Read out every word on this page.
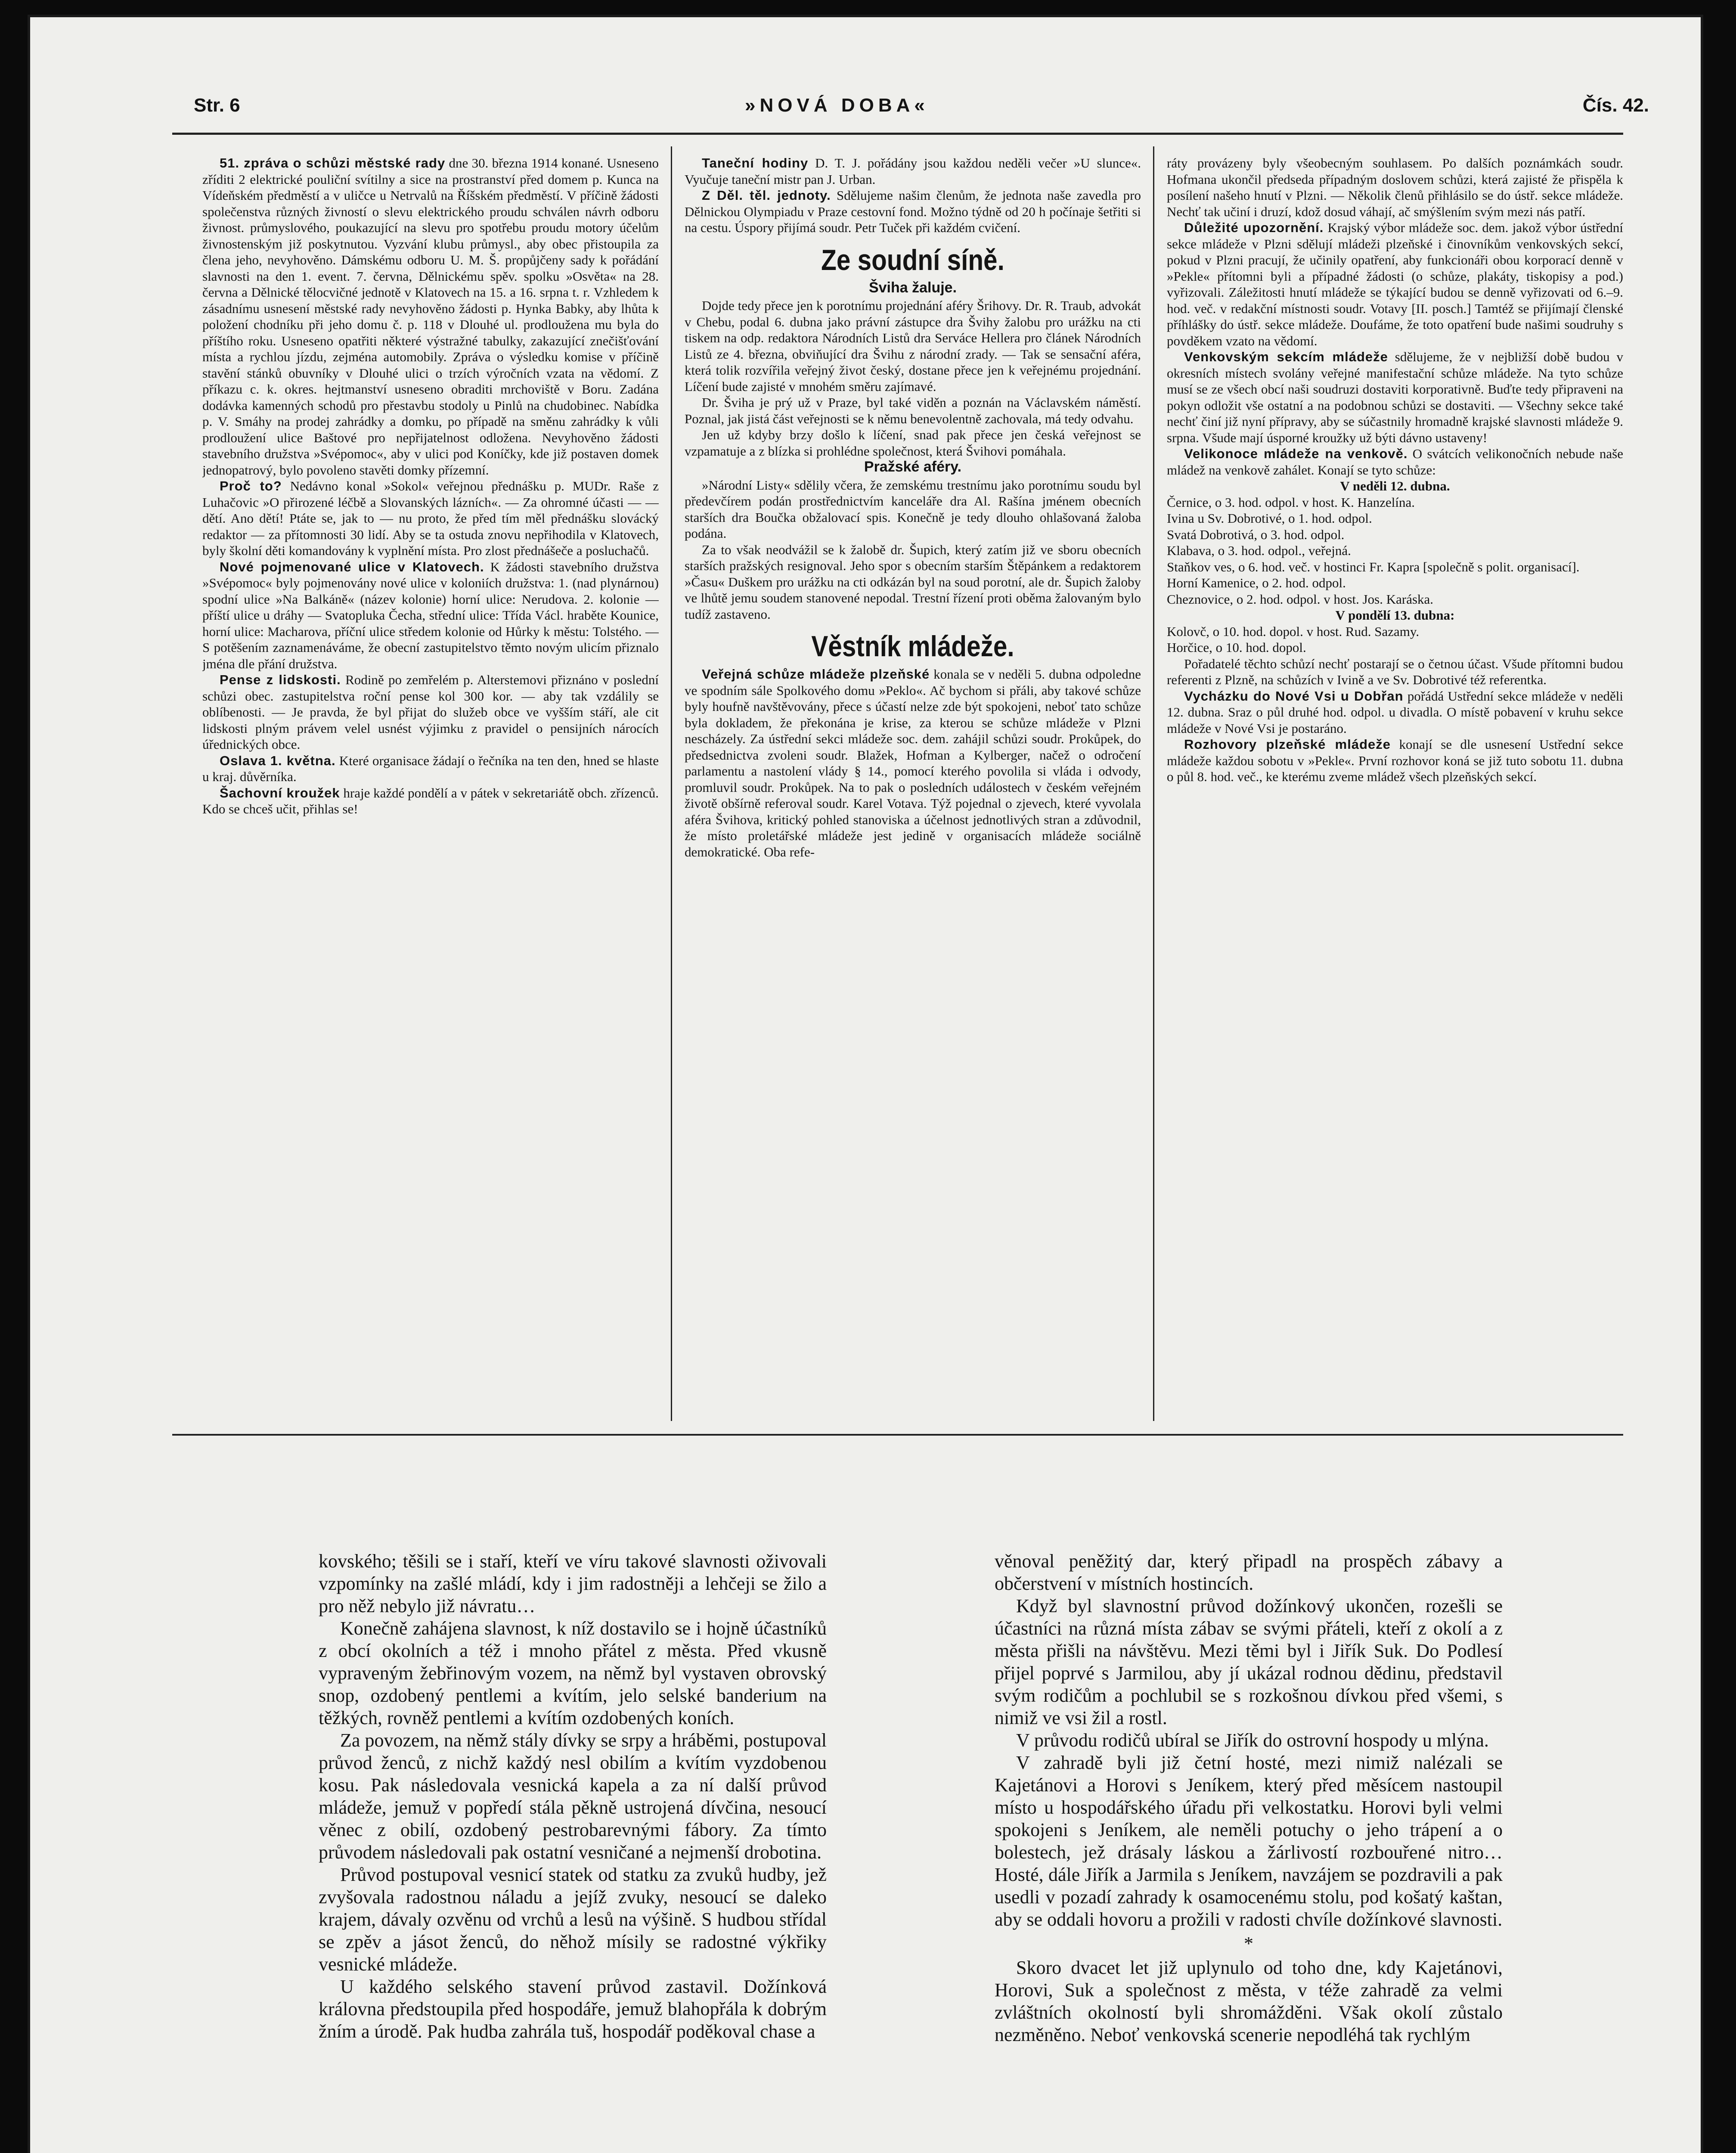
Str. 6	»NOVÁ DOBA«	Čís. 42.

51. zpráva o schůzi městské rady dne 30. března 1914 konané. Usneseno zříditi 2 elektrické pouliční svítilny a sice na prostranství před domem p. Kunca na Vídeňském předměstí a v uličce u Netrvalů na Říšském předměstí. V příčině žádosti společenstva různých živností o slevu elektrického proudu schválen návrh odboru živnost. průmyslového, poukazující na slevu pro spotřebu proudu motory účelům živnostenským již poskytnutou. Vyzvání klubu průmysl., aby obec přistoupila za člena jeho, nevyhověno. Dámskému odboru U. M. Š. propůjčeny sady k pořádání slavnosti na den 1. event. 7. června, Dělnickému spěv. spolku »Osvěta« na 28. června a Dělnické tělocvičné jednotě v Klatovech na 15. a 16. srpna t. r. Vzhledem k zásadnímu usnesení městské rady nevyhověno žádosti p. Hynka Babky, aby lhůta k položení chodníku při jeho domu č. p. 118 v Dlouhé ul. prodloužena mu byla do příštího roku. Usneseno opatřiti některé výstražné tabulky, zakazující znečišťování místa a rychlou jízdu, zejména automobily. Zpráva o výsledku komise v příčině stavění stánků obuvníky v Dlouhé ulici o trzích výročních vzata na vědomí. Z příkazu c. k. okres. hejtmanství usneseno obraditi mrchoviště v Boru. Zadána dodávka kamenných schodů pro přestavbu stodoly u Pinlů na chudobinec. Nabídka p. V. Smáhy na prodej zahrádky a domku, po případě na směnu zahrádky k vůli prodloužení ulice Baštové pro nepřijatelnost odložena. Nevyhověno žádosti stavebního družstva »Svépomoc«, aby v ulici pod Koníčky, kde již postaven domek jednopatrový, bylo povoleno stavěti domky přízemní.

Proč to? Nedávno konal »Sokol« veřejnou přednášku p. MUDr. Raše z Luhačovic »O přirozené léčbě a Slovanských lázních«. — Za ohromné účasti — — dětí. Ano dětí! Ptáte se, jak to — nu proto, že před tím měl přednášku slovácký redaktor — za přítomnosti 30 lidí. Aby se ta ostuda znovu nepřihodila v Klatovech, byly školní děti komandovány k vyplnění místa. Pro zlost přednášeče a posluchačů.

Nové pojmenované ulice v Klatovech. K žádosti stavebního družstva »Svépomoc« byly pojmenovány nové ulice v koloniích družstva: 1. (nad plynárnou) spodní ulice »Na Balkáně« (název kolonie) horní ulice: Nerudova. 2. kolonie — příští ulice u dráhy — Svatopluka Čecha, střední ulice: Třída Václ. hraběte Kounice, horní ulice: Macharova, příční ulice středem kolonie od Hůrky k městu: Tolstého. — S potěšením zaznamenáváme, že obecní zastupitelstvo těmto novým ulicím přiznalo jména dle přání družstva.

Pense z lidskosti. Rodině po zemřelém p. Alterstemovi přiznáno v poslední schůzi obec. zastupitelstva roční pense kol 300 kor. — aby tak vzdálily se oblíbenosti. — Je pravda, že byl přijat do služeb obce ve vyšším stáří, ale cit lidskosti plným právem velel usnést výjimku z pravidel o pensijních nárocích úřednických obce.

Oslava 1. května. Které organisace žádají o řečníka na ten den, hned se hlaste u kraj. důvěrníka.

Šachovní kroužek hraje každé pondělí a v pátek v sekretariátě obch. zřízenců. Kdo se chceš učit, přihlas se!

Taneční hodiny D. T. J. pořádány jsou každou neděli večer »U slunce«. Vyučuje taneční mistr pan J. Urban.

Z Děl. těl. jednoty. Sdělujeme našim členům, že jednota naše zavedla pro Dělnickou Olympiadu v Praze cestovní fond. Možno týdně od 20 h počínaje šetřiti si na cestu. Úspory přijímá soudr. Petr Tuček při každém cvičení.

Ze soudní síně.
Šviha žaluje.

Dojde tedy přece jen k porotnímu projednání aféry Šrihovy. Dr. R. Traub, advokát v Chebu, podal 6. dubna jako právní zástupce dra Švihy žalobu pro urážku na cti tiskem na odp. redaktora Národních Listů dra Serváce Hellera pro článek Národních Listů ze 4. března, obviňující dra Švihu z národní zrady. — Tak se sensační aféra, která tolik rozvířila veřejný život český, dostane přece jen k veřejnému projednání. Líčení bude zajisté v mnohém směru zajímavé.

Dr. Šviha je prý už v Praze, byl také viděn a poznán na Václavském náměstí. Poznal, jak jistá část veřejnosti se k němu benevolentně zachovala, má tedy odvahu.

Jen už kdyby brzy došlo k líčení, snad pak přece jen česká veřejnost se vzpamatuje a z blízka si prohlédne společnost, která Švihovi pomáhala.

Pražské aféry.

»Národní Listy« sdělily včera, že zemskému trestnímu jako porotnímu soudu byl předevčírem podán prostřednictvím kanceláře dra Al. Rašína jménem obecních starších dra Boučka obžalovací spis. Konečně je tedy dlouho ohlašovaná žaloba podána.

Za to však neodvážil se k žalobě dr. Šupich, který zatím již ve sboru obecních starších pražských resignoval. Jeho spor s obecním starším Štěpánkem a redaktorem »Času« Duškem pro urážku na cti odkázán byl na soud porotní, ale dr. Šupich žaloby ve lhůtě jemu soudem stanovené nepodal. Trestní řízení proti oběma žalovaným bylo tudíž zastaveno.

Věstník mládeže.

Veřejná schůze mládeže plzeňské konala se v neděli 5. dubna odpoledne ve spodním sále Spolkového domu »Peklo«. Ač bychom si přáli, aby takové schůze byly houfně navštěvovány, přece s účastí nelze zde být spokojeni, neboť tato schůze byla dokladem, že překonána je krise, za kterou se schůze mládeže v Plzni nescházely. Za ústřední sekci mládeže soc. dem. zahájil schůzi soudr. Prokůpek, do předsednictva zvoleni soudr. Blažek, Hofman a Kylberger, načež o odročení parlamentu a nastolení vlády § 14., pomocí kterého povolila si vláda i odvody, promluvil soudr. Prokůpek. Na to pak o posledních událostech v českém veřejném životě obšírně referoval soudr. Karel Votava. Týž pojednal o zjevech, které vyvolala aféra Švihova, kritický pohled stanoviska a účelnost jednotlivých stran a zdůvodnil, že místo proletářské mládeže jest jedině v organisacích mládeže sociálně demokratické. Oba refe-

ráty provázeny byly všeobecným souhlasem. Po dalších poznámkách soudr. Hofmana ukončil předseda případným doslovem schůzi, která zajisté že přispěla k posílení našeho hnutí v Plzni. — Několik členů přihlásilo se do ústř. sekce mládeže. Nechť tak učiní i druzí, kdož dosud váhají, ač smýšlením svým mezi nás patří.

Důležité upozornění. Krajský výbor mládeže soc. dem. jakož výbor ústřední sekce mládeže v Plzni sdělují mládeži plzeňské i činovníkům venkovských sekcí, pokud v Plzni pracují, že učinily opatření, aby funkcionáři obou korporací denně v »Pekle« přítomni byli a případné žádosti (o schůze, plakáty, tiskopisy a pod.) vyřizovali. Záležitosti hnutí mládeže se týkající budou se denně vyřizovati od 6.–9. hod. več. v redakční místnosti soudr. Votavy [II. posch.] Tamtéž se přijímají členské příhlášky do ústř. sekce mládeže. Doufáme, že toto opatření bude našimi soudruhy s povděkem vzato na vědomí.

Venkovským sekcím mládeže sdělujeme, že v nejbližší době budou v okresních místech svolány veřejné manifestační schůze mládeže. Na tyto schůze musí se ze všech obcí naši soudruzi dostaviti korporativně. Buďte tedy připraveni na pokyn odložit vše ostatní a na podobnou schůzi se dostaviti. — Všechny sekce také nechť činí již nyní přípravy, aby se súčastnily hromadně krajské slavnosti mládeže 9. srpna. Všude mají úsporné kroužky už býti dávno ustaveny!

Velikonoce mládeže na venkově. O svátcích velikonočních nebude naše mládež na venkově zahálet. Konají se tyto schůze:

V neděli 12. dubna.

Černice, o 3. hod. odpol. v host. K. Hanzelína.
Ivina u Sv. Dobrotivé, o 1. hod. odpol.
Svatá Dobrotivá, o 3. hod. odpol.
Klabava, o 3. hod. odpol., veřejná.
Staňkov ves, o 6. hod. več. v hostinci Fr. Kapra [společně s polit. organisací].
Horní Kamenice, o 2. hod. odpol.
Cheznovice, o 2. hod. odpol. v host. Jos. Karáska.

V pondělí 13. dubna:

Kolovč, o 10. hod. dopol. v host. Rud. Sazamy.
Horčice, o 10. hod. dopol.

Pořadatelé těchto schůzí nechť postarají se o četnou účast. Všude přítomni budou referenti z Plzně, na schůzích v Ivině a ve Sv. Dobrotivé též referentka.

Vycházku do Nové Vsi u Dobřan pořádá Ustřední sekce mládeže v neděli 12. dubna. Sraz o půl druhé hod. odpol. u divadla. O místě pobavení v kruhu sekce mládeže v Nové Vsi je postaráno.

Rozhovory plzeňské mládeže konají se dle usnesení Ustřední sekce mládeže každou sobotu v »Pekle«. První rozhovor koná se již tuto sobotu 11. dubna o půl 8. hod. več., ke kterému zveme mládež všech plzeňských sekcí.

kovského; těšili se i staří, kteří ve víru takové slavnosti oživovali vzpomínky na zašlé mládí, kdy i jim radostněji a lehčeji se žilo a pro něž nebylo již návratu…

Konečně zahájena slavnost, k níž dostavilo se i hojně účastníků z obcí okolních a též i mnoho přátel z města. Před vkusně vypraveným žebřinovým vozem, na němž byl vystaven obrovský snop, ozdobený pentlemi a kvítím, jelo selské banderium na těžkých, rovněž pentlemi a kvítím ozdobených koních.

Za povozem, na němž stály dívky se srpy a hráběmi, postupoval průvod ženců, z nichž každý nesl obilím a kvítím vyzdobenou kosu. Pak následovala vesnická kapela a za ní další průvod mládeže, jemuž v popředí stála pěkně ustrojená dívčina, nesoucí věnec z obilí, ozdobený pestrobarevnými fábory. Za tímto průvodem následovali pak ostatní vesničané a nejmenší drobotina.

Průvod postupoval vesnicí statek od statku za zvuků hudby, jež zvyšovala radostnou náladu a jejíž zvuky, nesoucí se daleko krajem, dávaly ozvěnu od vrchů a lesů na výšině. S hudbou střídal se zpěv a jásot ženců, do něhož mísily se radostné výkřiky vesnické mládeže.

U každého selského stavení průvod zastavil. Dožínková královna předstoupila před hospodáře, jemuž blahopřála k dobrým žním a úrodě. Pak hudba zahrála tuš, hospodář poděkoval chase a

věnoval peněžitý dar, který připadl na prospěch zábavy a občerstvení v místních hostincích.

Když byl slavnostní průvod dožínkový ukončen, rozešli se účastníci na různá místa zábav se svými přáteli, kteří z okolí a z města přišli na návštěvu. Mezi těmi byl i Jiřík Suk. Do Podlesí přijel poprvé s Jarmilou, aby jí ukázal rodnou dědinu, představil svým rodičům a pochlubil se s rozkošnou dívkou před všemi, s nimiž ve vsi žil a rostl.

V průvodu rodičů ubíral se Jiřík do ostrovní hospody u mlýna.

V zahradě byli již četní hosté, mezi nimiž nalézali se Kajetánovi a Horovi s Jeníkem, který před měsícem nastoupil místo u hospodářského úřadu při velkostatku. Horovi byli velmi spokojeni s Jeníkem, ale neměli potuchy o jeho trápení a o bolestech, jež drásaly láskou a žárlivostí rozbouřené nitro… Hosté, dále Jiřík a Jarmila s Jeníkem, navzájem se pozdravili a pak usedli v pozadí zahrady k osamocenému stolu, pod košatý kaštan, aby se oddali hovoru a prožili v radosti chvíle dožínkové slavnosti.

*

Skoro dvacet let již uplynulo od toho dne, kdy Kajetánovi, Horovi, Suk a společnost z města, v téže zahradě za velmi zvláštních okolností byli shromážděni. Však okolí zůstalo nezměněno. Neboť venkovská scenerie nepodléhá tak rychlým
